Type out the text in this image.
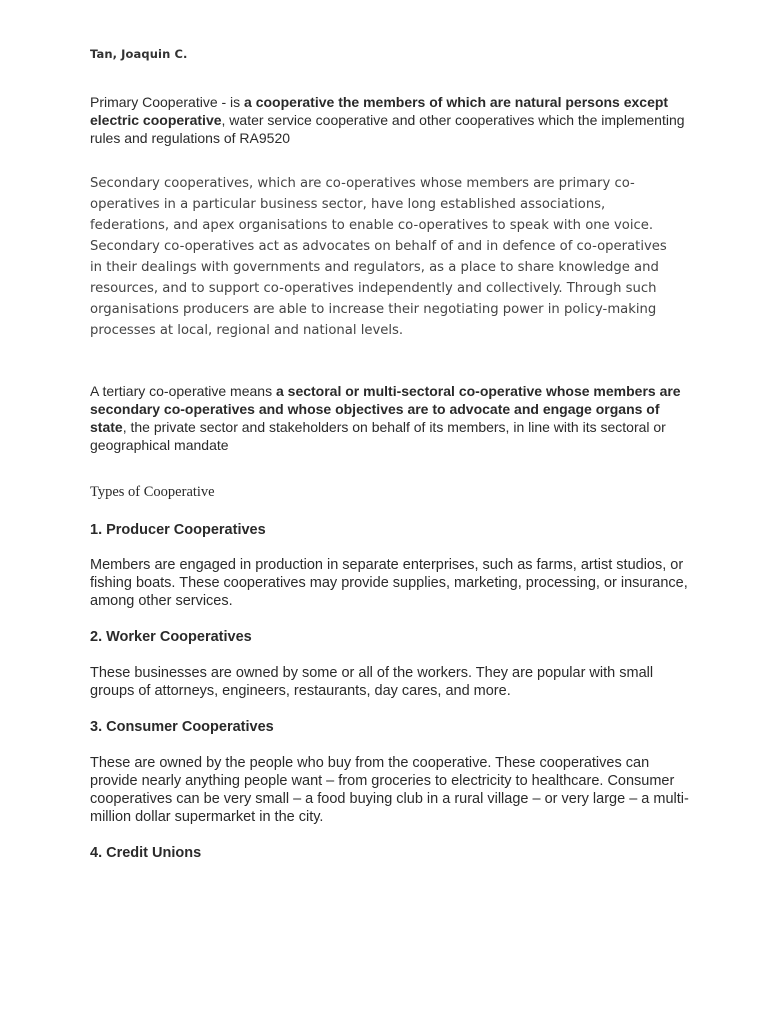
Tan, Joaquin C.
Primary Cooperative - is a cooperative the members of which are natural persons except electric cooperative, water service cooperative and other cooperatives which the implementing rules and regulations of RA9520
Secondary cooperatives, which are co-operatives whose members are primary co-operatives in a particular business sector, have long established associations, federations, and apex organisations to enable co-operatives to speak with one voice. Secondary co-operatives act as advocates on behalf of and in defence of co-operatives in their dealings with governments and regulators, as a place to share knowledge and resources, and to support co-operatives independently and collectively. Through such organisations producers are able to increase their negotiating power in policy-making processes at local, regional and national levels.
A tertiary co-operative means a sectoral or multi-sectoral co-operative whose members are secondary co-operatives and whose objectives are to advocate and engage organs of state, the private sector and stakeholders on behalf of its members, in line with its sectoral or geographical mandate
Types of Cooperative
1. Producer Cooperatives
Members are engaged in production in separate enterprises, such as farms, artist studios, or fishing boats. These cooperatives may provide supplies, marketing, processing, or insurance, among other services.
2. Worker Cooperatives
These businesses are owned by some or all of the workers. They are popular with small groups of attorneys, engineers, restaurants, day cares, and more.
3. Consumer Cooperatives
These are owned by the people who buy from the cooperative. These cooperatives can provide nearly anything people want – from groceries to electricity to healthcare. Consumer cooperatives can be very small – a food buying club in a rural village – or very large – a multi-million dollar supermarket in the city.
4. Credit Unions
